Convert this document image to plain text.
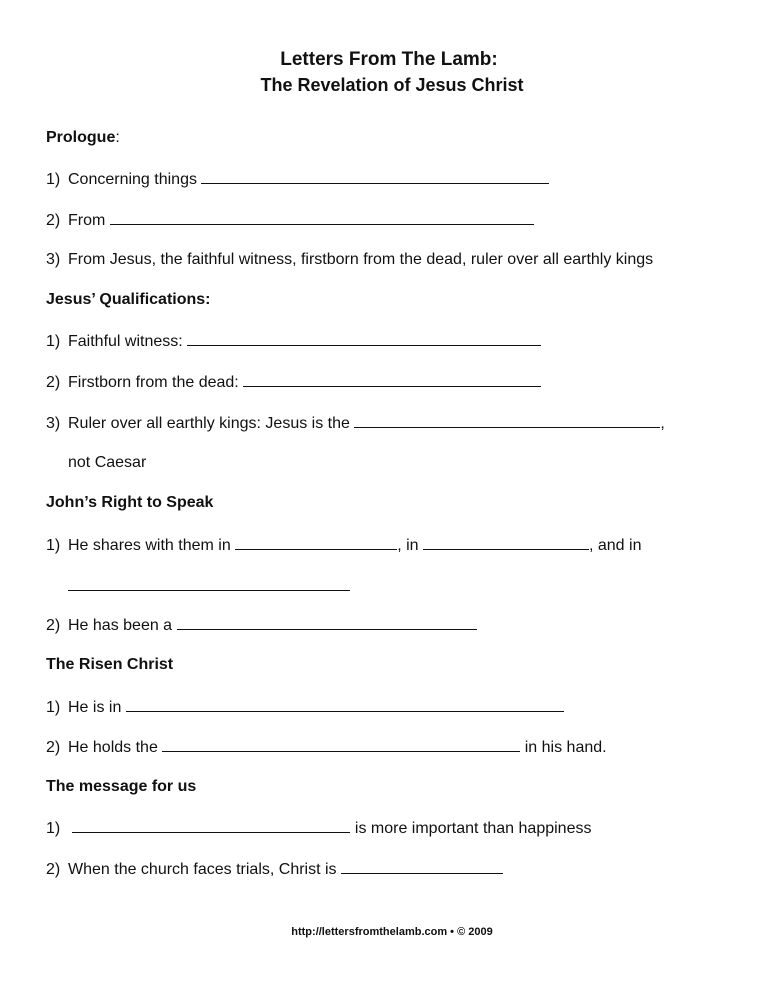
Letters From The Lamb:
The Revelation of Jesus Christ
Prologue:
1) Concerning things
2) From
3) From Jesus, the faithful witness, firstborn from the dead, ruler over all earthly kings
Jesus’ Qualifications:
1) Faithful witness:
2) Firstborn from the dead:
3) Ruler over all earthly kings: Jesus is the	,
not Caesar
John’s Right to Speak
1) He shares with them in	, in	, and in
2) He has been a
The Risen Christ
1) He is in
2) He holds the	in his hand.
The message for us
1)	is more important than happiness
2) When the church faces trials, Christ is
http://lettersfromthelamb.com • © 2009
